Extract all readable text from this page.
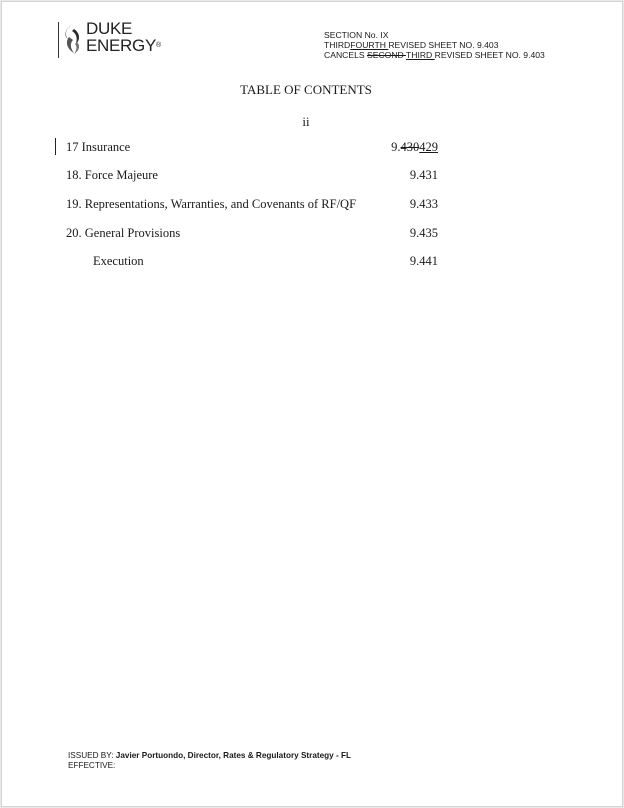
DUKE
ENERGY®
SECTION No. IX
THIRDFOURTH REVISED SHEET NO. 9.403
CANCELS SECOND THIRD REVISED SHEET NO. 9.403
TABLE OF CONTENTS
ii
17 Insurance	9.430429
18. Force Majeure	9.431
19. Representations, Warranties, and Covenants of RF/QF	9.433
20. General Provisions	9.435
Execution	9.441
ISSUED BY: Javier Portuondo, Director, Rates & Regulatory Strategy - FL
EFFECTIVE:
